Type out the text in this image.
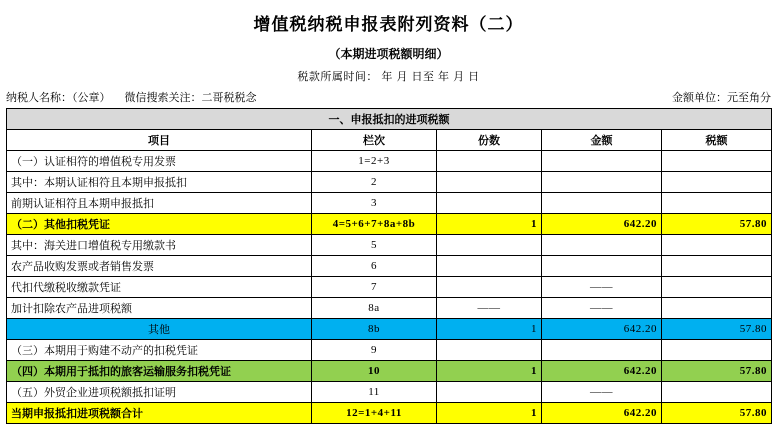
增值税纳税申报表附列资料（二）
（本期进项税额明细）
税款所属时间： 年 月 日至 年 月 日
纳税人名称：（公章） 微信搜索关注：二哥税税念	金额单位：元至角分
一、申报抵扣的进项税额				
项目	栏次	份数	金额	税额
（一）认证相符的增值税专用发票	1=2+3			
其中：本期认证相符且本期申报抵扣	2			
前期认证相符且本期申报抵扣	3			
（二）其他扣税凭证	4=5+6+7+8a+8b	1	642.20	57.80
其中：海关进口增值税专用缴款书	5			
农产品收购发票或者销售发票	6			
代扣代缴税收缴款凭证	7		——	
加计扣除农产品进项税额	8a	——	——	
其他	8b	1	642.20	57.80
（三）本期用于购建不动产的扣税凭证	9			
（四）本期用于抵扣的旅客运输服务扣税凭证	10	1	642.20	57.80
（五）外贸企业进项税额抵扣证明	11		——	
当期申报抵扣进项税额合计	12=1+4+11	1	642.20	57.80
